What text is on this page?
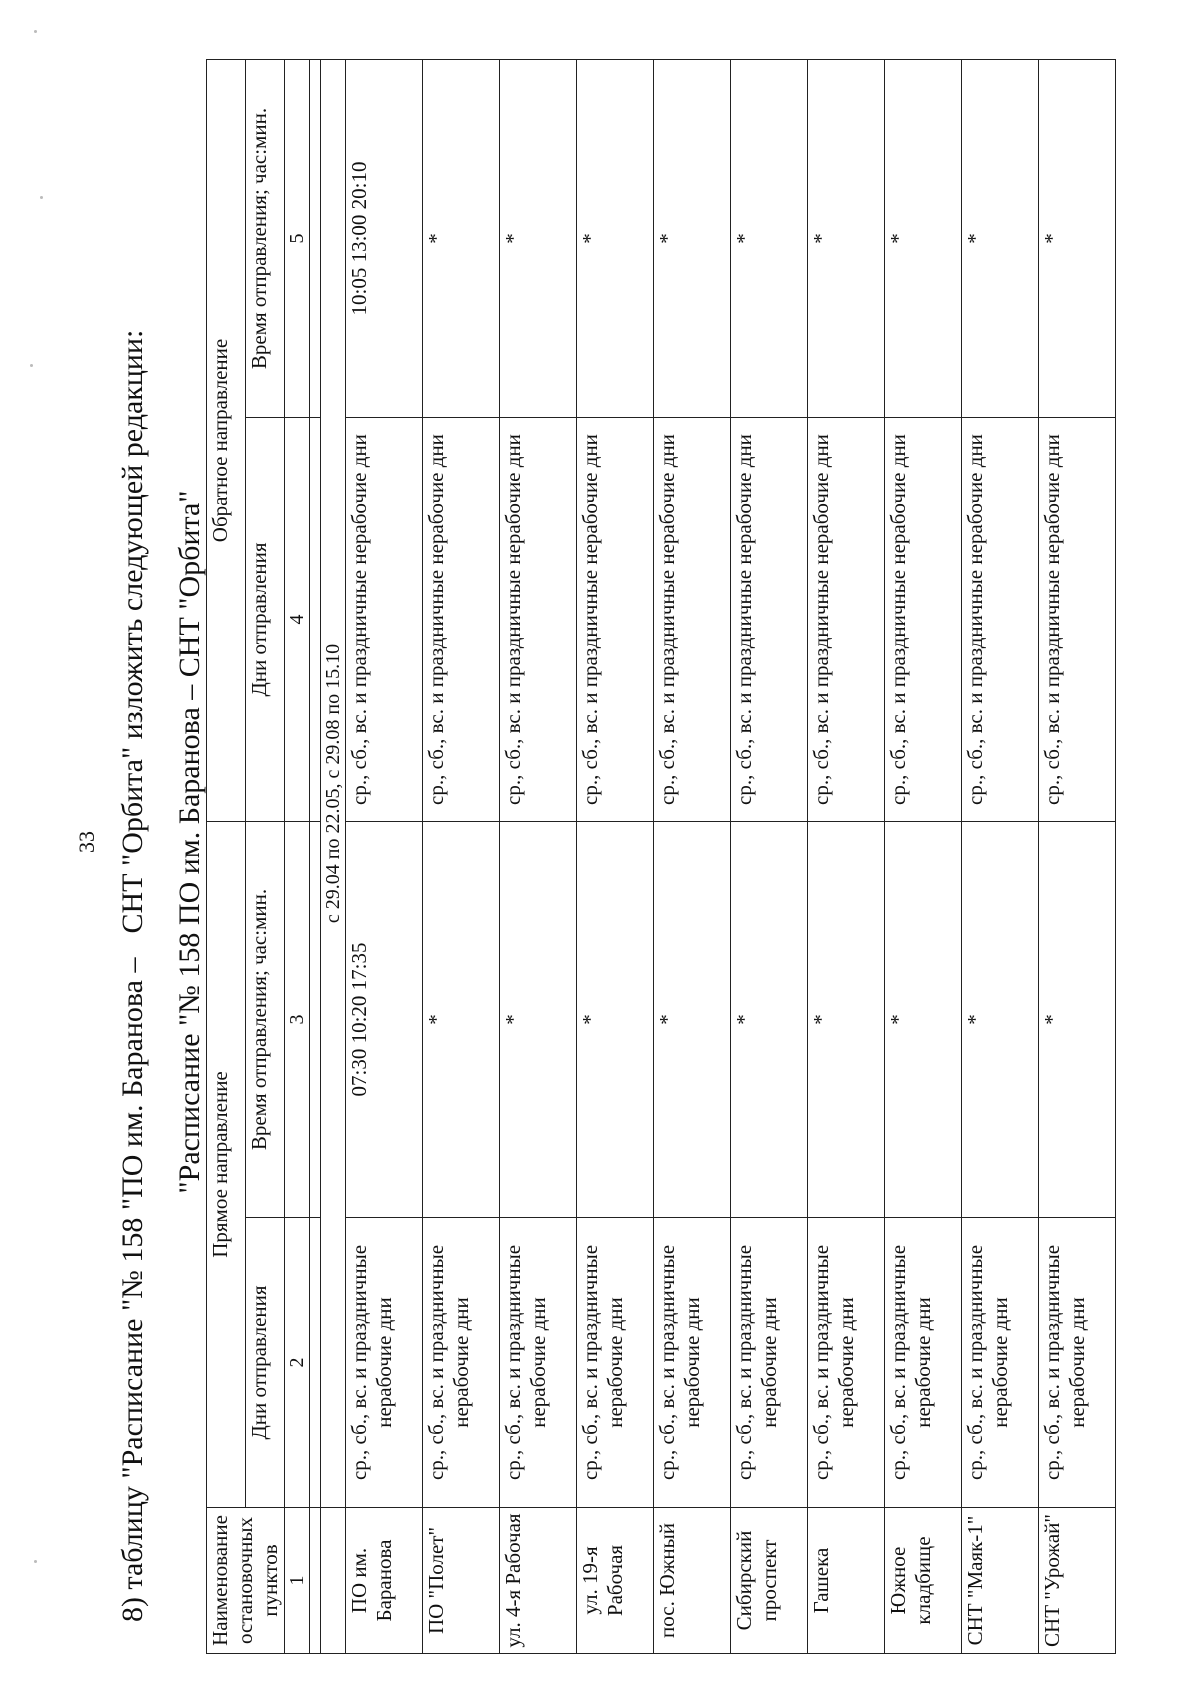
33
8) таблицу "Расписание "№ 158 "ПО им. Баранова –СНТ "Орбита" изложить следующей редакции: "Расписание "№ 158 ПО им. Баранова – СНТ "Орбита"
Наименование остановочных пунктов	Прямое направление		Обратное направление	
	Дни отправления	Время отправления; час:мин.	Дни отправления	Время отправления; час:мин.
1	2	3	4	5

	с 29.04 по 22.05, с 29.08 по 15.10			
ПО им. Баранова	ср., сб., вс. и праздничные нерабочие дни	07:30 10:20 17:35	ср., сб., вс. и праздничные нерабочие дни	10:05 13:00 20:10
ПО "Полет"	ср., сб., вс. и праздничные нерабочие дни	*	ср., сб., вс. и праздничные нерабочие дни	*
ул. 4-я Рабочая	ср., сб., вс. и праздничные нерабочие дни	*	ср., сб., вс. и праздничные нерабочие дни	*
ул. 19-я Рабочая	ср., сб., вс. и праздничные нерабочие дни	*	ср., сб., вс. и праздничные нерабочие дни	*
пос. Южный	ср., сб., вс. и праздничные нерабочие дни	*	ср., сб., вс. и праздничные нерабочие дни	*
Сибирский проспект	ср., сб., вс. и праздничные нерабочие дни	*	ср., сб., вс. и праздничные нерабочие дни	*
Гашека	ср., сб., вс. и праздничные нерабочие дни	*	ср., сб., вс. и праздничные нерабочие дни	*
Южное кладбище	ср., сб., вс. и праздничные нерабочие дни	*	ср., сб., вс. и праздничные нерабочие дни	*
СНТ "Маяк-1"	ср., сб., вс. и праздничные нерабочие дни	*	ср., сб., вс. и праздничные нерабочие дни	*
СНТ "Урожай"	ср., сб., вс. и праздничные нерабочие дни	*	ср., сб., вс. и праздничные нерабочие дни	*
